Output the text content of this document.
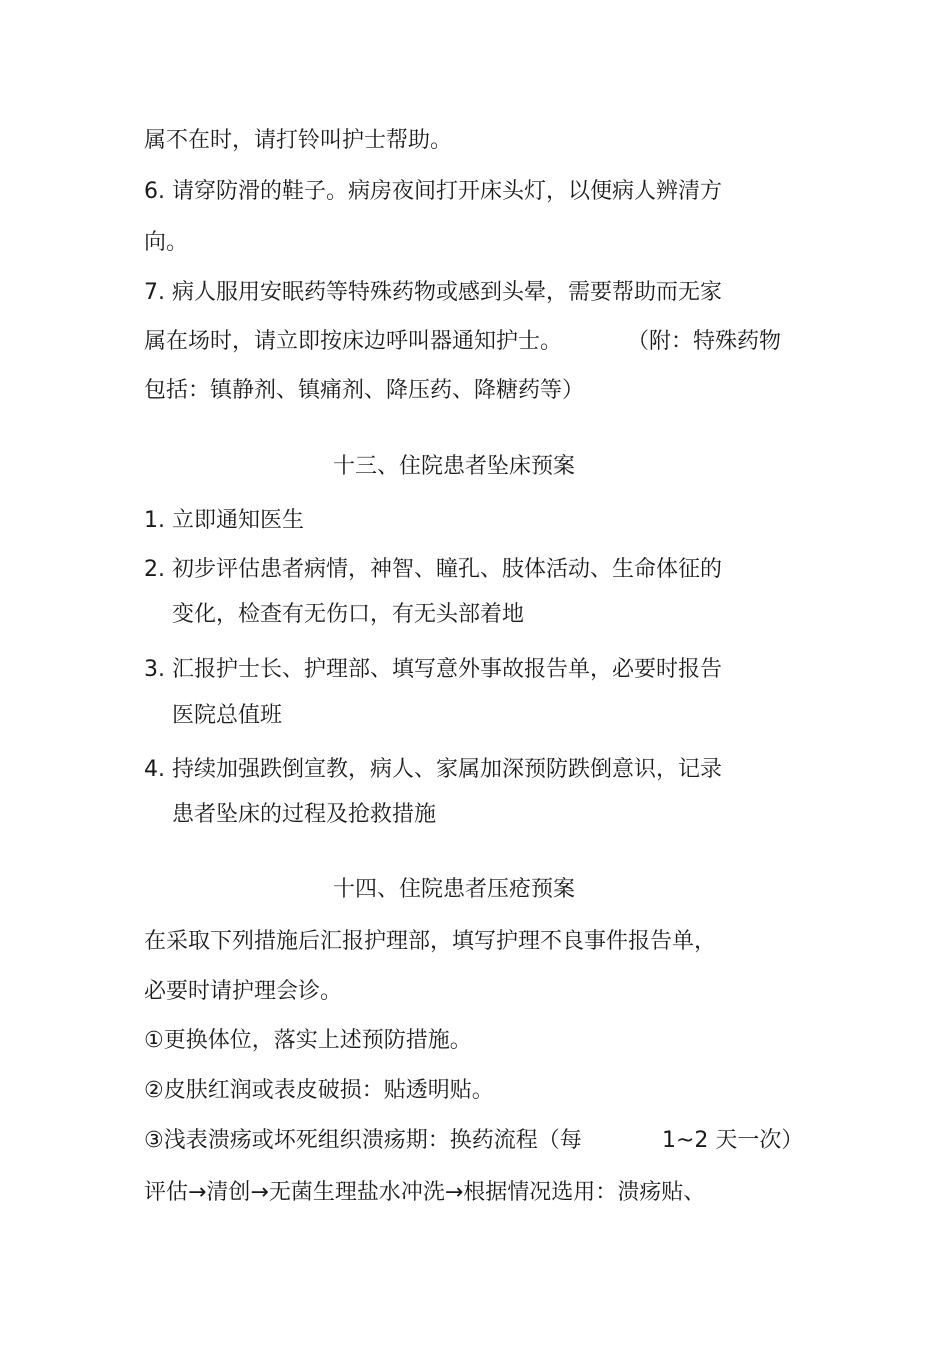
属不在时，请打铃叫护士帮助。
6. 请穿防滑的鞋子。病房夜间打开床头灯，以便病人辨清方
向。
7. 病人服用安眠药等特殊药物或感到头晕，需要帮助而无家
属在场时，请立即按床边呼叫器通知护士。	（附：特殊药物
包括：镇静剂、镇痛剂、降压药、降糖药等）
十三、住院患者坠床预案
1. 立即通知医生
2. 初步评估患者病情，神智、瞳孔、肢体活动、生命体征的
变化，检查有无伤口，有无头部着地
3. 汇报护士长、护理部、填写意外事故报告单，必要时报告
医院总值班
4. 持续加强跌倒宣教，病人、家属加深预防跌倒意识，记录
患者坠床的过程及抢救措施
十四、住院患者压疮预案
在采取下列措施后汇报护理部，填写护理不良事件报告单，
必要时请护理会诊。
①更换体位，落实上述预防措施。
②皮肤红润或表皮破损：贴透明贴。
③浅表溃疡或坏死组织溃疡期：换药流程（每	1~2 天一次）
评估→清创→无菌生理盐水冲洗→根据情况选用：溃疡贴、
